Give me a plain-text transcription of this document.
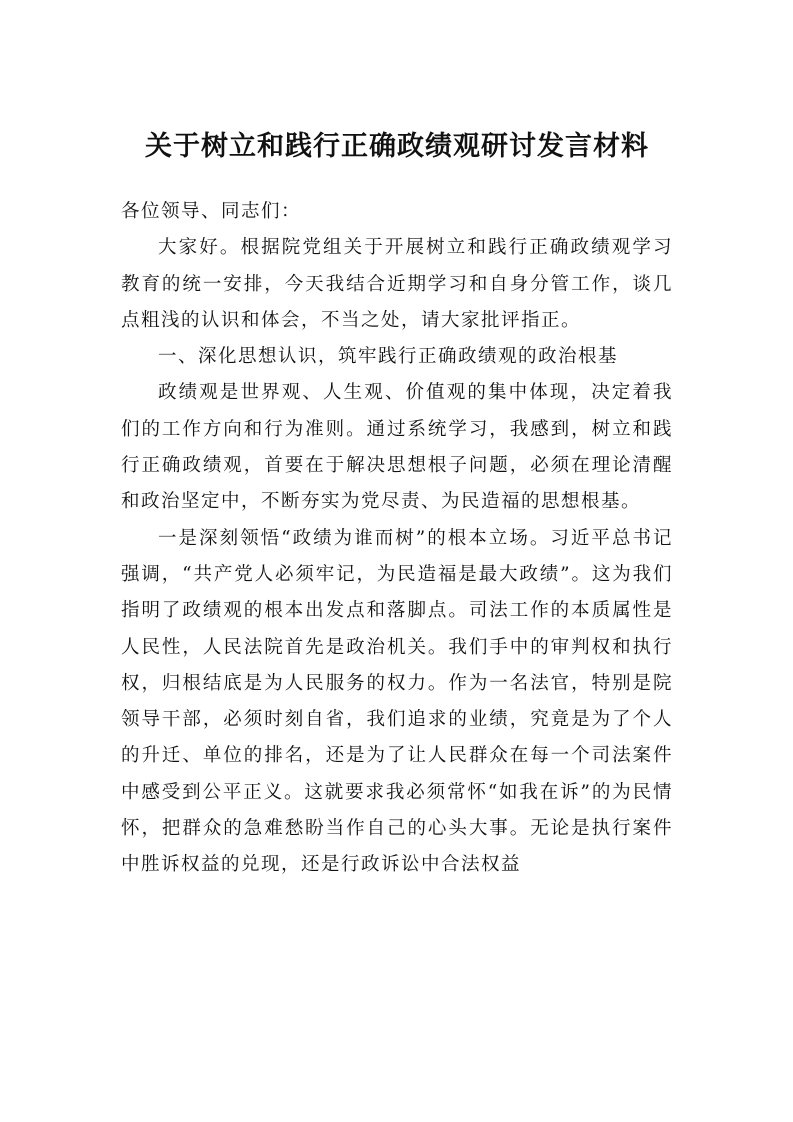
关于树立和践行正确政绩观研讨发言材料

各位领导、同志们：

大家好。根据院党组关于开展树立和践行正确政绩观学习教育的统一安排，今天我结合近期学习和自身分管工作，谈几点粗浅的认识和体会，不当之处，请大家批评指正。

一、深化思想认识，筑牢践行正确政绩观的政治根基

政绩观是世界观、人生观、价值观的集中体现，决定着我们的工作方向和行为准则。通过系统学习，我感到，树立和践行正确政绩观，首要在于解决思想根子问题，必须在理论清醒和政治坚定中，不断夯实为党尽责、为民造福的思想根基。

一是深刻领悟“政绩为谁而树”的根本立场。习近平总书记强调，“共产党人必须牢记，为民造福是最大政绩”。这为我们指明了政绩观的根本出发点和落脚点。司法工作的本质属性是人民性，人民法院首先是政治机关。我们手中的审判权和执行权，归根结底是为人民服务的权力。作为一名法官，特别是院领导干部，必须时刻自省，我们追求的业绩，究竟是为了个人的升迁、单位的排名，还是为了让人民群众在每一个司法案件中感受到公平正义。这就要求我必须常怀“如我在诉”的为民情怀，把群众的急难愁盼当作自己的心头大事。无论是执行案件中胜诉权益的兑现，还是行政诉讼中合法权益
